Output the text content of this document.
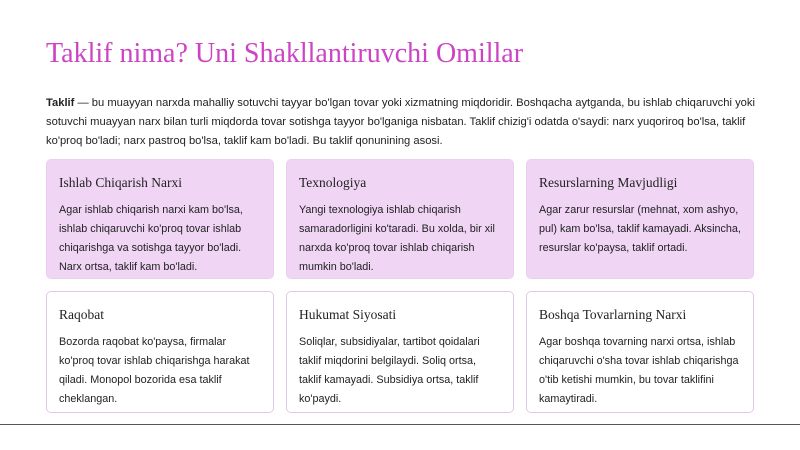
Taklif nima? Uni Shakllantiruvchi Omillar

Taklif — bu muayyan narxda mahalliy sotuvchi tayyar bo'lgan tovar yoki xizmatning miqdoridir. Boshqacha aytganda, bu ishlab chiqaruvchi yoki sotuvchi muayyan narx bilan turli miqdorda tovar sotishga tayyor bo'lganiga nisbatan. Taklif chizig'i odatda o'saydi: narx yuqoriroq bo'lsa, taklif ko'proq bo'ladi; narx pastroq bo'lsa, taklif kam bo'ladi. Bu taklif qonunining asosi.

Ishlab Chiqarish Narxi
Agar ishlab chiqarish narxi kam bo'lsa, ishlab chiqaruvchi ko'proq tovar ishlab chiqarishga va sotishga tayyor bo'ladi. Narx ortsa, taklif kam bo'ladi.
Texnologiya
Yangi texnologiya ishlab chiqarish samaradorligini ko'taradi. Bu xolda, bir xil narxda ko'proq tovar ishlab chiqarish mumkin bo'ladi.
Resurslarning Mavjudligi
Agar zarur resurslar (mehnat, xom ashyo, pul) kam bo'lsa, taklif kamayadi. Aksincha, resurslar ko'paysa, taklif ortadi.
Raqobat
Bozorda raqobat ko'paysa, firmalar ko'proq tovar ishlab chiqarishga harakat qiladi. Monopol bozorida esa taklif cheklangan.
Hukumat Siyosati
Soliqlar, subsidiyalar, tartibot qoidalari taklif miqdorini belgilaydi. Soliq ortsa, taklif kamayadi. Subsidiya ortsa, taklif ko'paydi.
Boshqa Tovarlarning Narxi
Agar boshqa tovarning narxi ortsa, ishlab chiqaruvchi o'sha tovar ishlab chiqarishga o'tib ketishi mumkin, bu tovar taklifini kamaytiradi.
